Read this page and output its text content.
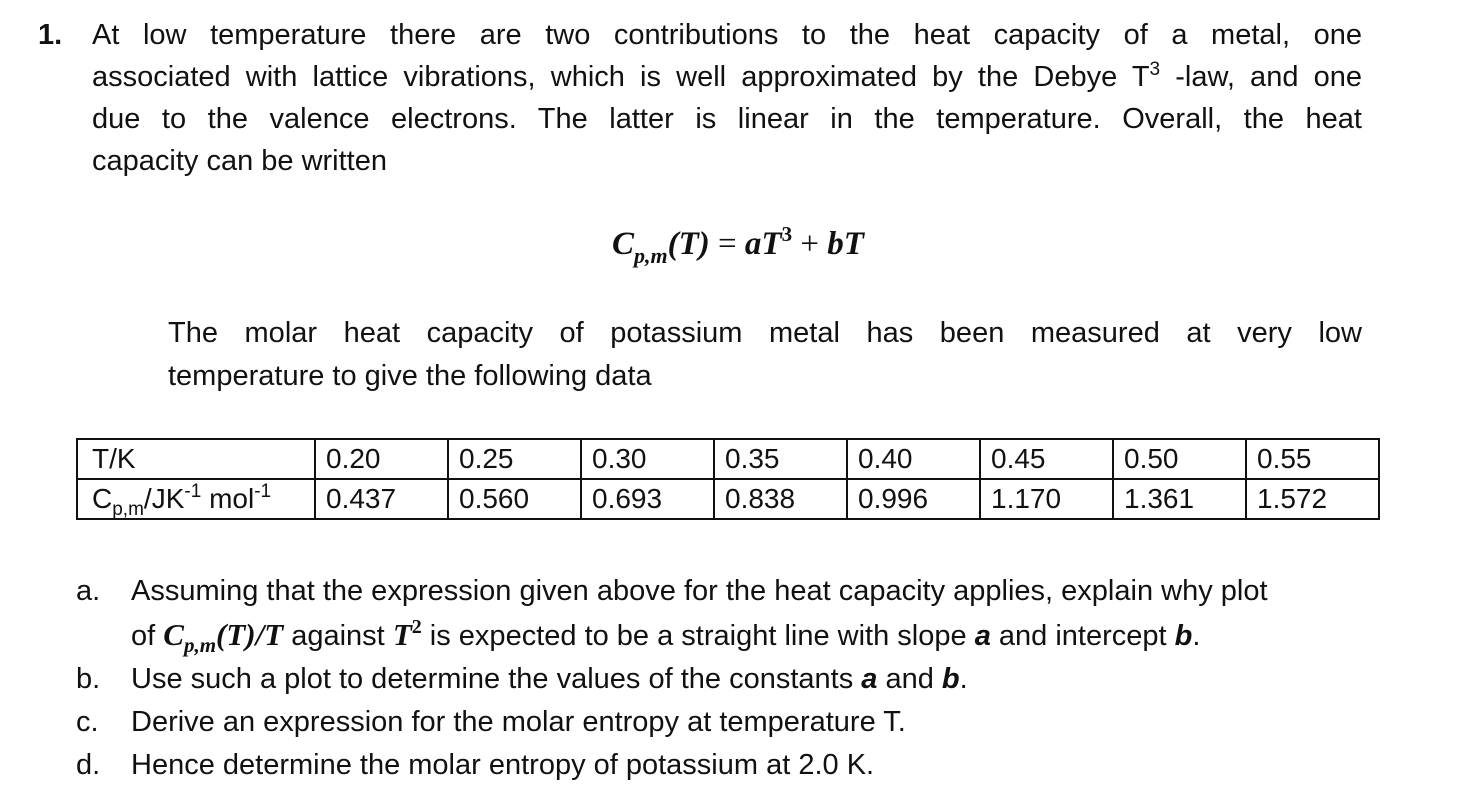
1. At low temperature there are two contributions to the heat capacity of a metal, one
associated with lattice vibrations, which is well approximated by the Debye $T^3$ -law, and one
due to the valence electrons. The latter is linear in the temperature. Overall, the heat
capacity can be written
$C_{p,m}(T) = aT^3$ + bT
The molar heat capacity of potassium metal has been measured at very low
temperature to give the following data
T/K	0.20	0.25	0.30	0.35	0.40	0.45	0.50	0.55
$C_{p,m}/JK^{-1}$ mol$^{-1}$	0.437	0.560	0.693	0.838	0.996	1.170	1.361	1.572
a. Assuming that the expression given above for the heat capacity applies, explain why plot
of $C_{p,m}(T)/T$ against $T^2$ is expected to be a straight line with slope a and intercept b.
b. Use such a plot to determine the values of the constants a and b.
c. Derive an expression for the molar entropy at temperature T.
d. Hence determine the molar entropy of potassium at 2.0 K.
